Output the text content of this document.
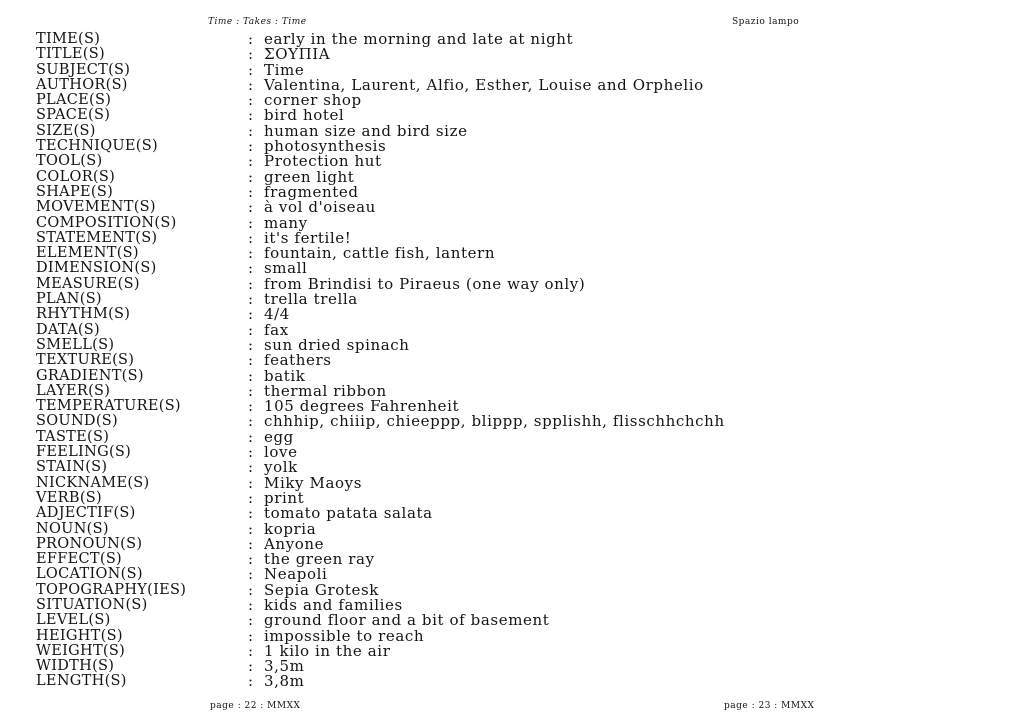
Time : Takes : Time	Spazio lampo
TIME(S)	: early in the morning and late at night
TITLE(S)	: ΣΟΥΠΙΑ
SUBJECT(S)	: Time
AUTHOR(S)	: Valentina, Laurent, Alfio, Esther, Louise and Orphelio
PLACE(S)	: corner shop
SPACE(S)	: bird hotel
SIZE(S)	: human size and bird size
TECHNIQUE(S)	: photosynthesis
TOOL(S)	: Protection hut
COLOR(S)	: green light
SHAPE(S)	: fragmented
MOVEMENT(S)	: à vol d'oiseau
COMPOSITION(S)	: many
STATEMENT(S)	: it's fertile!
ELEMENT(S)	: fountain, cattle fish, lantern
DIMENSION(S)	: small
MEASURE(S)	: from Brindisi to Piraeus (one way only)
PLAN(S)	: trella trella
RHYTHM(S)	: 4/4
DATA(S)	: fax
SMELL(S)	: sun dried spinach
TEXTURE(S)	: feathers
GRADIENT(S)	: batik
LAYER(S)	: thermal ribbon
TEMPERATURE(S)	: 105 degrees Fahrenheit
SOUND(S)	: chhhip, chiiip, chieeppp, blippp, spplishh, flisschhchchh
TASTE(S)	: egg
FEELING(S)	: love
STAIN(S)	: yolk
NICKNAME(S)	: Miky Maoys
VERB(S)	: print
ADJECTIF(S)	: tomato patata salata
NOUN(S)	: kopria
PRONOUN(S)	: Anyone
EFFECT(S)	: the green ray
LOCATION(S)	: Neapoli
TOPOGRAPHY(IES)	: Sepia Grotesk
SITUATION(S)	: kids and families
LEVEL(S)	: ground floor and a bit of basement
HEIGHT(S)	: impossible to reach
WEIGHT(S)	: 1 kilo in the air
WIDTH(S)	: 3,5m
LENGTH(S)	: 3,8m
page : 22 : MMXX	page : 23 : MMXX
